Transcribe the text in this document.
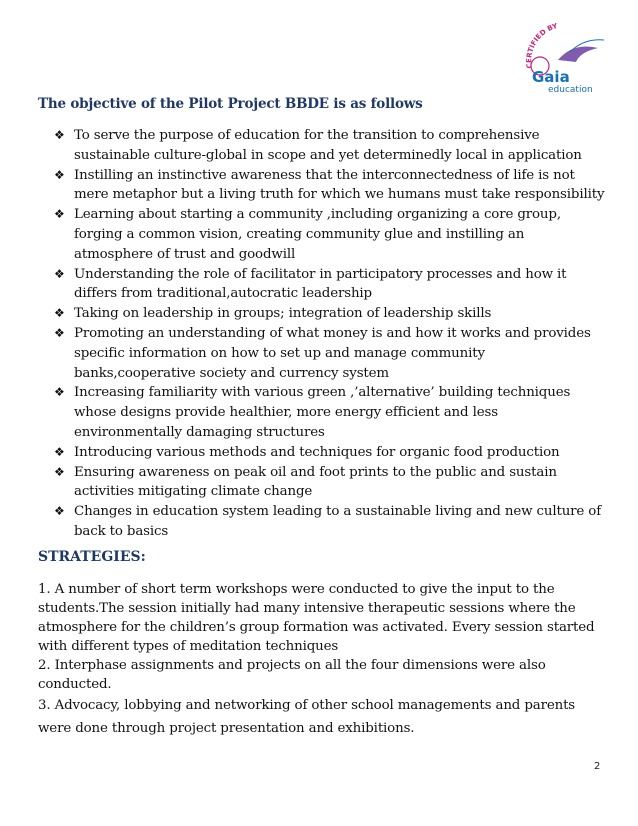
CERTIFIED BY
Gaia
education
The objective of the Pilot Project BBDE is as follows
❖ To serve the purpose of education for the transition to comprehensive sustainable culture-global in scope and yet determinedly local in application
❖ Instilling an instinctive awareness that the interconnectedness of life is not mere metaphor but a living truth for which we humans must take responsibility
❖ Learning about starting a community ,including organizing a core group, forging a common vision, creating community glue and instilling an atmosphere of trust and goodwill
❖ Understanding the role of facilitator in participatory processes and how it differs from traditional,autocratic leadership
❖ Taking on leadership in groups; integration of leadership skills
❖ Promoting an understanding of what money is and how it works and provides specific information on how to set up and manage community banks,cooperative society and currency system
❖ Increasing familiarity with various green ,’alternative’ building techniques whose designs provide healthier, more energy efficient and less environmentally damaging structures
❖ Introducing various methods and techniques for organic food production
❖ Ensuring awareness on peak oil and foot prints to the public and sustain activities mitigating climate change
❖ Changes in education system leading to a sustainable living and new culture of back to basics
STRATEGIES:

1. A number of short term workshops were conducted to give the input to the students.The session initially had many intensive therapeutic sessions where the atmosphere for the children’s group formation was activated. Every session started with different types of meditation techniques

2. Interphase assignments and projects on all the four dimensions were also conducted.

3. Advocacy, lobbying and networking of other school managements and parents were done through project presentation and exhibitions.

2
